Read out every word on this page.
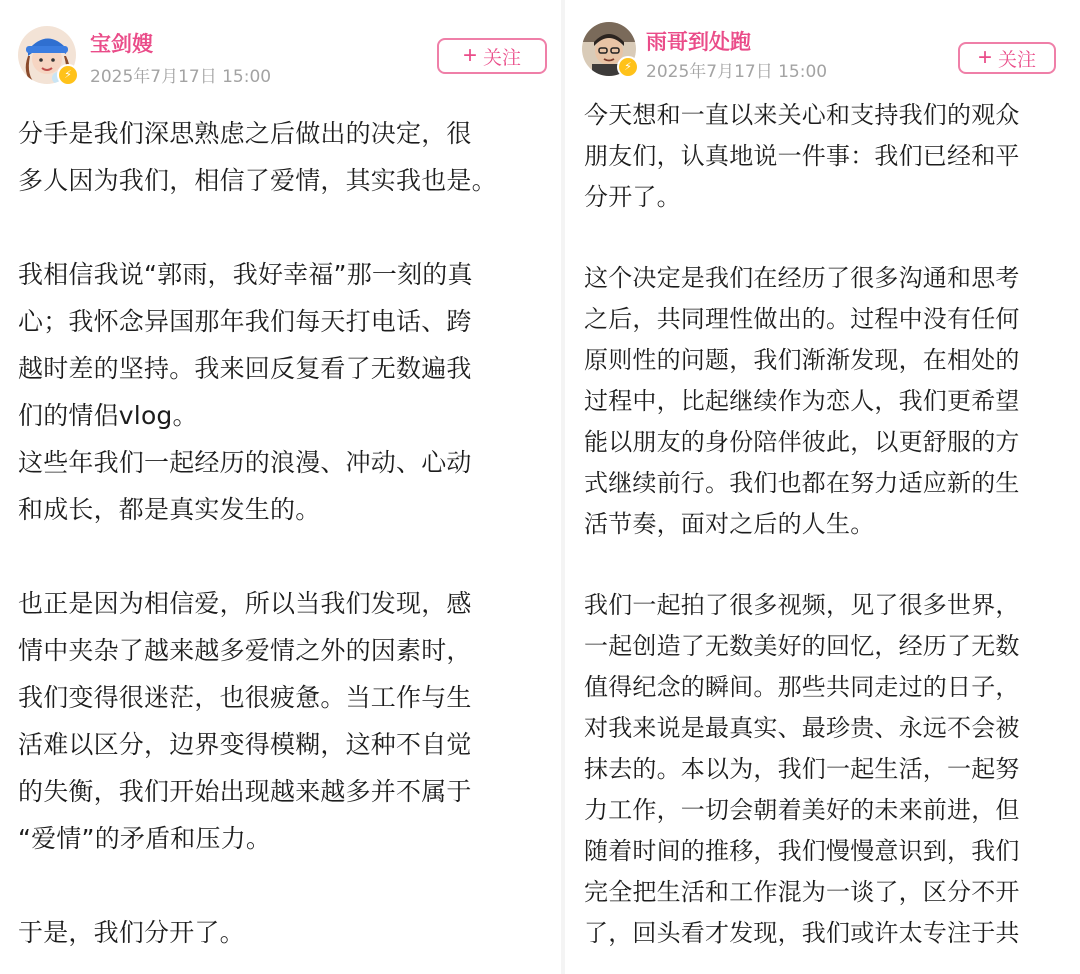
⚡
宝剑嫂
2025年7月17日 15:00
+ 关注
分手是我们深思熟虑之后做出的决定，很
多人因为我们，相信了爱情，其实我也是。
我相信我说“郭雨，我好幸福”那一刻的真
心；我怀念异国那年我们每天打电话、跨
越时差的坚持。我来回反复看了无数遍我
们的情侣vlog。
这些年我们一起经历的浪漫、冲动、心动
和成长，都是真实发生的。
也正是因为相信爱，所以当我们发现，感
情中夹杂了越来越多爱情之外的因素时，
我们变得很迷茫，也很疲惫。当工作与生
活难以区分，边界变得模糊，这种不自觉
的失衡，我们开始出现越来越多并不属于
“爱情”的矛盾和压力。
于是，我们分开了。
⚡
雨哥到处跑
2025年7月17日 15:00
+ 关注
今天想和一直以来关心和支持我们的观众
朋友们，认真地说一件事：我们已经和平
分开了。
这个决定是我们在经历了很多沟通和思考
之后，共同理性做出的。过程中没有任何
原则性的问题，我们渐渐发现，在相处的
过程中，比起继续作为恋人，我们更希望
能以朋友的身份陪伴彼此，以更舒服的方
式继续前行。我们也都在努力适应新的生
活节奏，面对之后的人生。
我们一起拍了很多视频，见了很多世界，
一起创造了无数美好的回忆，经历了无数
值得纪念的瞬间。那些共同走过的日子，
对我来说是最真实、最珍贵、永远不会被
抹去的。本以为，我们一起生活，一起努
力工作，一切会朝着美好的未来前进，但
随着时间的推移，我们慢慢意识到，我们
完全把生活和工作混为一谈了，区分不开
了，回头看才发现，我们或许太专注于共
